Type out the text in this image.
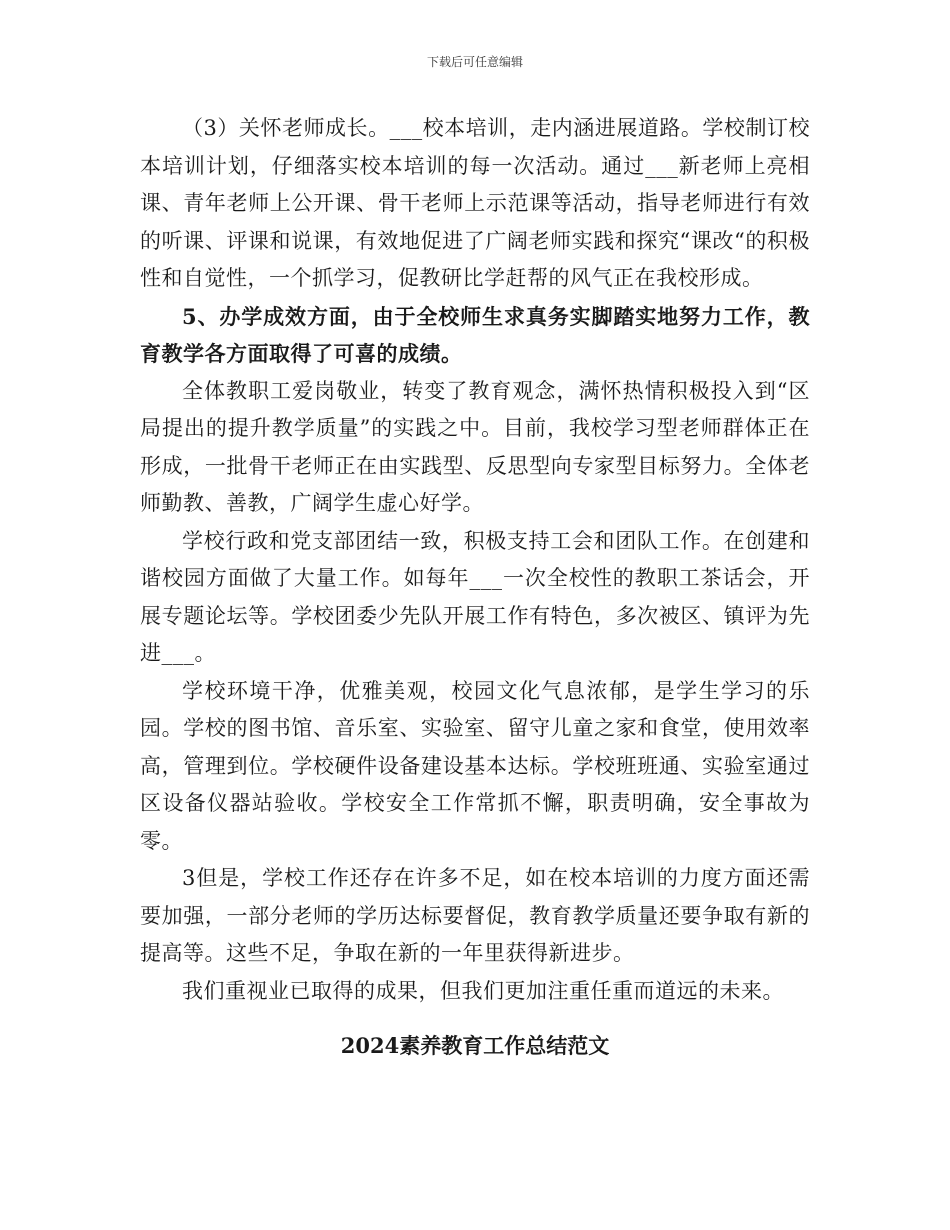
下载后可任意编辑

（3）关怀老师成长。___校本培训，走内涵进展道路。学校制订校本培训计划，仔细落实校本培训的每一次活动。通过___新老师上亮相课、青年老师上公开课、骨干老师上示范课等活动，指导老师进行有效的听课、评课和说课，有效地促进了广阔老师实践和探究“课改“的积极性和自觉性，一个抓学习，促教研比学赶帮的风气正在我校形成。

5、办学成效方面，由于全校师生求真务实脚踏实地努力工作，教育教学各方面取得了可喜的成绩。

全体教职工爱岗敬业，转变了教育观念，满怀热情积极投入到“区局提出的提升教学质量”的实践之中。目前，我校学习型老师群体正在形成，一批骨干老师正在由实践型、反思型向专家型目标努力。全体老师勤教、善教，广阔学生虚心好学。

学校行政和党支部团结一致，积极支持工会和团队工作。在创建和谐校园方面做了大量工作。如每年___一次全校性的教职工茶话会，开展专题论坛等。学校团委少先队开展工作有特色，多次被区、镇评为先进___。

学校环境干净，优雅美观，校园文化气息浓郁，是学生学习的乐园。学校的图书馆、音乐室、实验室、留守儿童之家和食堂，使用效率高，管理到位。学校硬件设备建设基本达标。学校班班通、实验室通过区设备仪器站验收。学校安全工作常抓不懈，职责明确，安全事故为零。

3但是，学校工作还存在许多不足，如在校本培训的力度方面还需要加强，一部分老师的学历达标要督促，教育教学质量还要争取有新的提高等。这些不足，争取在新的一年里获得新进步。

我们重视业已取得的成果，但我们更加注重任重而道远的未来。

2024素养教育工作总结范文
